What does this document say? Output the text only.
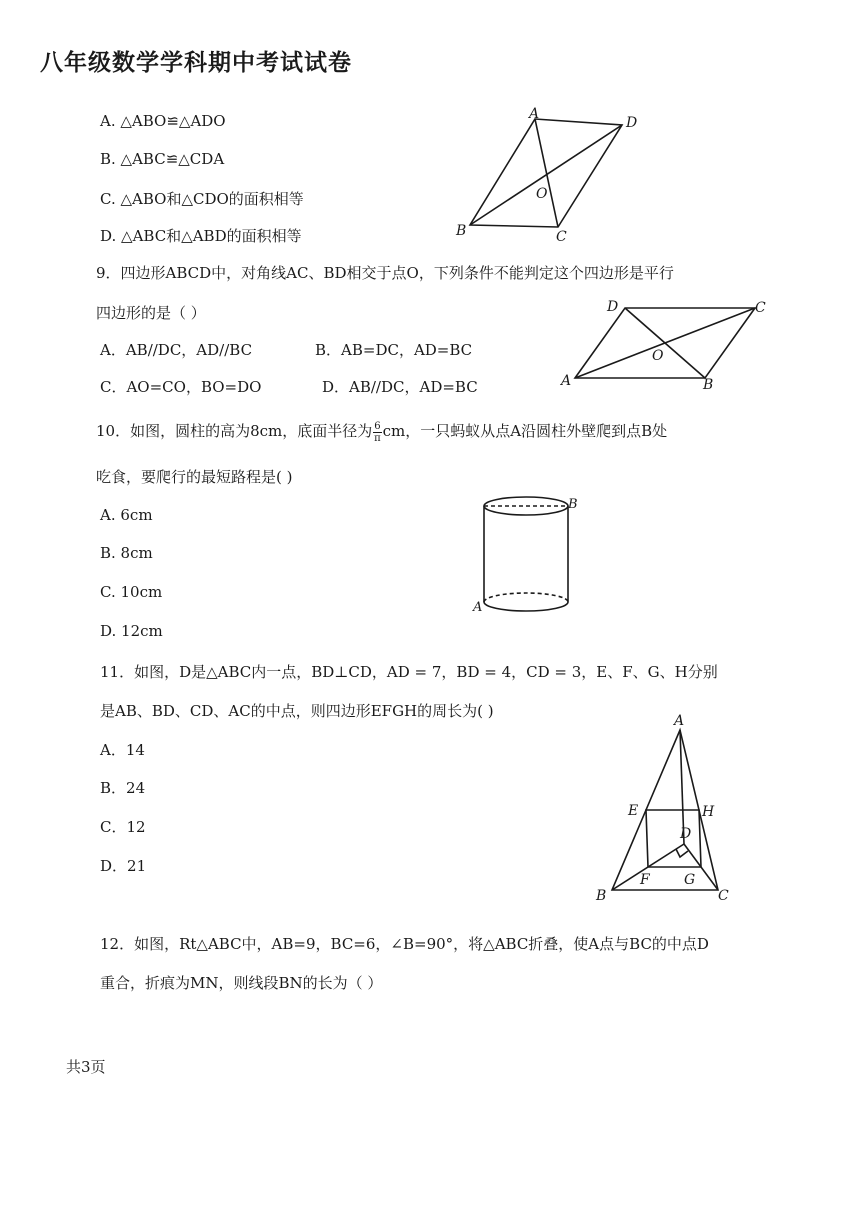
八年级数学学科期中考试试卷
A. △ABO≌△ADO
B. △ABC≌△CDA
C. △ABO和△CDO的面积相等
D. △ABC和△ABD的面积相等
A
D
O
B	C
9．四边形ABCD中，对角线AC、BD相交于点O，下列条件不能判定这个四边形是平行
四边形的是（ ）
A．AB//DC，AD//BC	B．AB=DC，AD=BC
C．AO=CO，BO=DO	D．AB//DC，AD=BC
D	C
O
A	B
10．如图，圆柱的高为8cm，底面半径为 $\frac{6}{\pi}$ cm，一只蚂蚁从点A沿圆柱外壁爬到点B处
吃食，要爬行的最短路程是( )
A. 6cm
B. 8cm
C. 10cm
D. 12cm
B
A
11．如图，D是△ABC内一点，BD⊥CD，AD = 7，BD = 4，CD = 3，E、F、G、H分别
是AB、BD、CD、AC的中点，则四边形EFGH的周长为( )
A．14
B．24
C．12
D．21
A
E	H
D
F G
B	C
12．如图，Rt△ABC中，AB=9，BC=6，∠B=90°，将△ABC折叠，使A点与BC的中点D
重合，折痕为MN，则线段BN的长为（ ）
共3页
